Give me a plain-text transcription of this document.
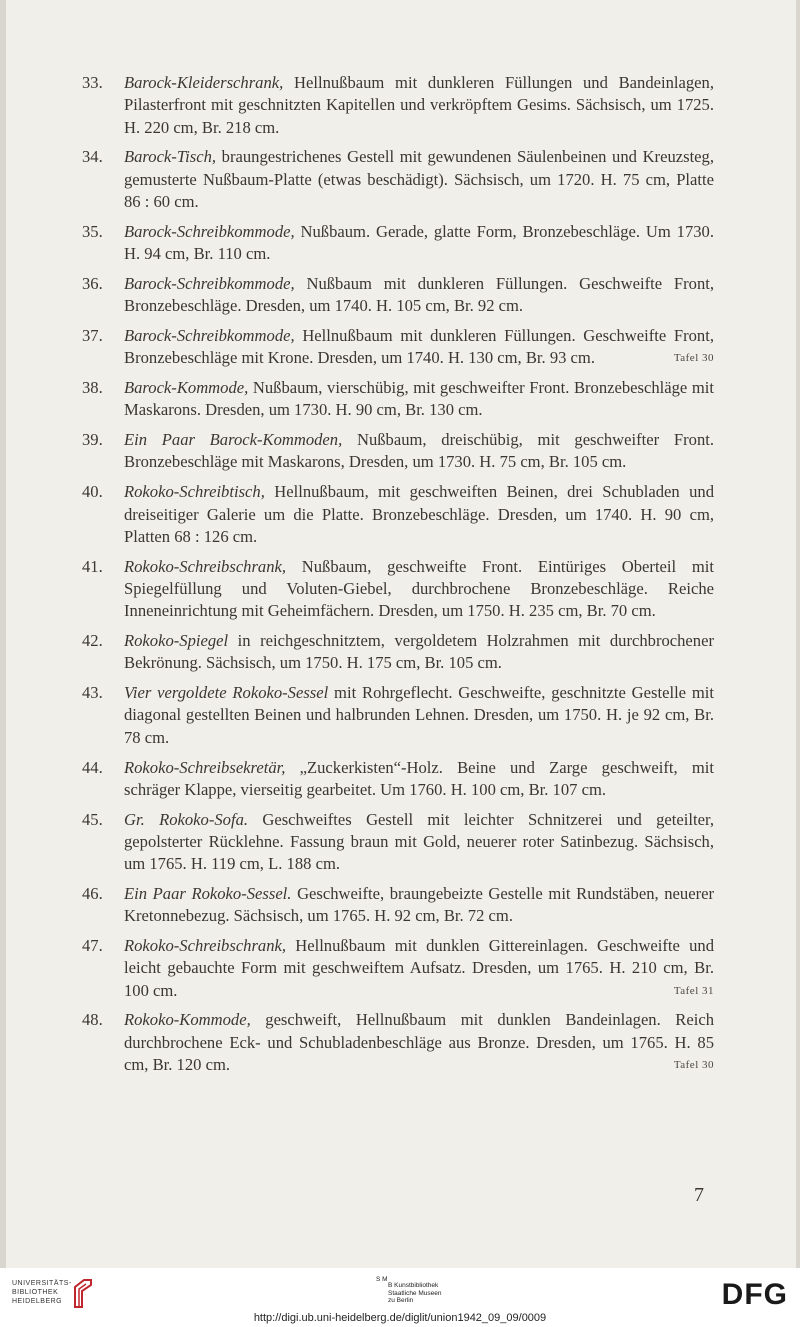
33. Barock-Kleiderschrank, Hellnußbaum mit dunkleren Füllungen und Bandeinlagen, Pilasterfront mit geschnitzten Kapitellen und verkröpftem Gesims. Sächsisch, um 1725. H. 220 cm, Br. 218 cm.
34. Barock-Tisch, braungestrichenes Gestell mit gewundenen Säulenbeinen und Kreuzsteg, gemusterte Nußbaum-Platte (etwas beschädigt). Sächsisch, um 1720. H. 75 cm, Platte 86 : 60 cm.
35. Barock-Schreibkommode, Nußbaum. Gerade, glatte Form, Bronzebeschläge. Um 1730. H. 94 cm, Br. 110 cm.
36. Barock-Schreibkommode, Nußbaum mit dunkleren Füllungen. Geschweifte Front, Bronzebeschläge. Dresden, um 1740. H. 105 cm, Br. 92 cm.
37. Barock-Schreibkommode, Hellnußbaum mit dunkleren Füllungen. Geschweifte Front, Bronzebeschläge mit Krone. Dresden, um 1740. H. 130 cm, Br. 93 cm.	Tafel 30
38. Barock-Kommode, Nußbaum, vierschübig, mit geschweifter Front. Bronzebeschläge mit Maskarons. Dresden, um 1730. H. 90 cm, Br. 130 cm.
39. Ein Paar Barock-Kommoden, Nußbaum, dreischübig, mit geschweifter Front. Bronzebeschläge mit Maskarons, Dresden, um 1730. H. 75 cm, Br. 105 cm.
40. Rokoko-Schreibtisch, Hellnußbaum, mit geschweiften Beinen, drei Schubladen und dreiseitiger Galerie um die Platte. Bronzebeschläge. Dresden, um 1740. H. 90 cm, Platten 68 : 126 cm.
41. Rokoko-Schreibschrank, Nußbaum, geschweifte Front. Eintüriges Oberteil mit Spiegelfüllung und Voluten-Giebel, durchbrochene Bronzebeschläge. Reiche Inneneinrichtung mit Geheimfächern. Dresden, um 1750. H. 235 cm, Br. 70 cm.
42. Rokoko-Spiegel in reichgeschnitztem, vergoldetem Holzrahmen mit durchbrochener Bekrönung. Sächsisch, um 1750. H. 175 cm, Br. 105 cm.
43. Vier vergoldete Rokoko-Sessel mit Rohrgeflecht. Geschweifte, geschnitzte Gestelle mit diagonal gestellten Beinen und halbrunden Lehnen. Dresden, um 1750. H. je 92 cm, Br. 78 cm.
44. Rokoko-Schreibsekretär, „Zuckerkisten“-Holz. Beine und Zarge geschweift, mit schräger Klappe, vierseitig gearbeitet. Um 1760. H. 100 cm, Br. 107 cm.
45. Gr. Rokoko-Sofa. Geschweiftes Gestell mit leichter Schnitzerei und geteilter, gepolsterter Rücklehne. Fassung braun mit Gold, neuerer roter Satinbezug. Sächsisch, um 1765. H. 119 cm, L. 188 cm.
46. Ein Paar Rokoko-Sessel. Geschweifte, braungebeizte Gestelle mit Rundstäben, neuerer Kretonnebezug. Sächsisch, um 1765. H. 92 cm, Br. 72 cm.
47. Rokoko-Schreibschrank, Hellnußbaum mit dunklen Gittereinlagen. Geschweifte und leicht gebauchte Form mit geschweiftem Aufsatz. Dresden, um 1765. H. 210 cm, Br. 100 cm.	Tafel 31
48. Rokoko-Kommode, geschweift, Hellnußbaum mit dunklen Bandeinlagen. Reich durchbrochene Eck- und Schubladenbeschläge aus Bronze. Dresden, um 1765. H. 85 cm, Br. 120 cm.	Tafel 30
7
UNIVERSITÄTS-
BIBLIOTHEK
HEIDELBERG
S M
B Kunstbibliothek
Staatliche Museen
zu Berlin	DFG
http://digi.ub.uni-heidelberg.de/diglit/union1942_09_09/0009
